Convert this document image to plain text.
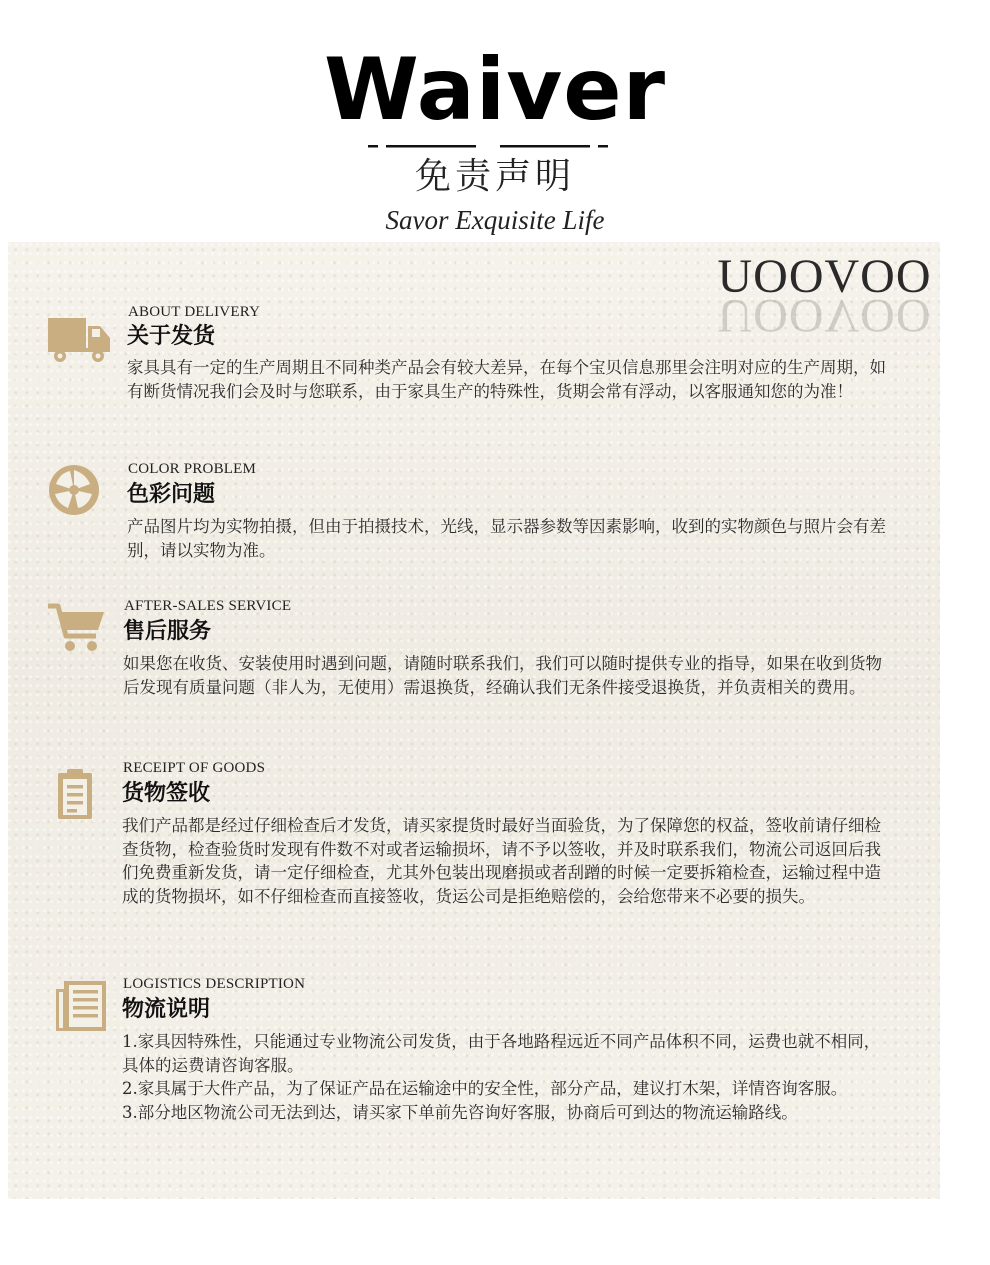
Waiver
免责声明
Savor Exquisite Life
UOOVOO
UOOVOO
ABOUT DELIVERY
关于发货

家具具有一定的生产周期且不同种类产品会有较大差异，在每个宝贝信息那里会注明对应的生产周期，如有断货情况我们会及时与您联系，由于家具生产的特殊性，货期会常有浮动，以客服通知您的为准！

COLOR PROBLEM
色彩问题

产品图片均为实物拍摄，但由于拍摄技术，光线，显示器参数等因素影响，收到的实物颜色与照片会有差别，请以实物为准。

AFTER-SALES SERVICE
售后服务

如果您在收货、安装使用时遇到问题，请随时联系我们，我们可以随时提供专业的指导，如果在收到货物后发现有质量问题（非人为，无使用）需退换货，经确认我们无条件接受退换货，并负责相关的费用。

RECEIPT OF GOODS
货物签收

我们产品都是经过仔细检查后才发货，请买家提货时最好当面验货，为了保障您的权益，签收前请仔细检查货物，检查验货时发现有件数不对或者运输损坏，请不予以签收，并及时联系我们，物流公司返回后我们免费重新发货，请一定仔细检查，尤其外包装出现磨损或者刮蹭的时候一定要拆箱检查，运输过程中造成的货物损坏，如不仔细检查而直接签收，货运公司是拒绝赔偿的，会给您带来不必要的损失。

LOGISTICS DESCRIPTION
物流说明

1.家具因特殊性，只能通过专业物流公司发货，由于各地路程远近不同产品体积不同，运费也就不相同，具体的运费请咨询客服。

2.家具属于大件产品，为了保证产品在运输途中的安全性，部分产品，建议打木架，详情咨询客服。

3.部分地区物流公司无法到达，请买家下单前先咨询好客服，协商后可到达的物流运输路线。
